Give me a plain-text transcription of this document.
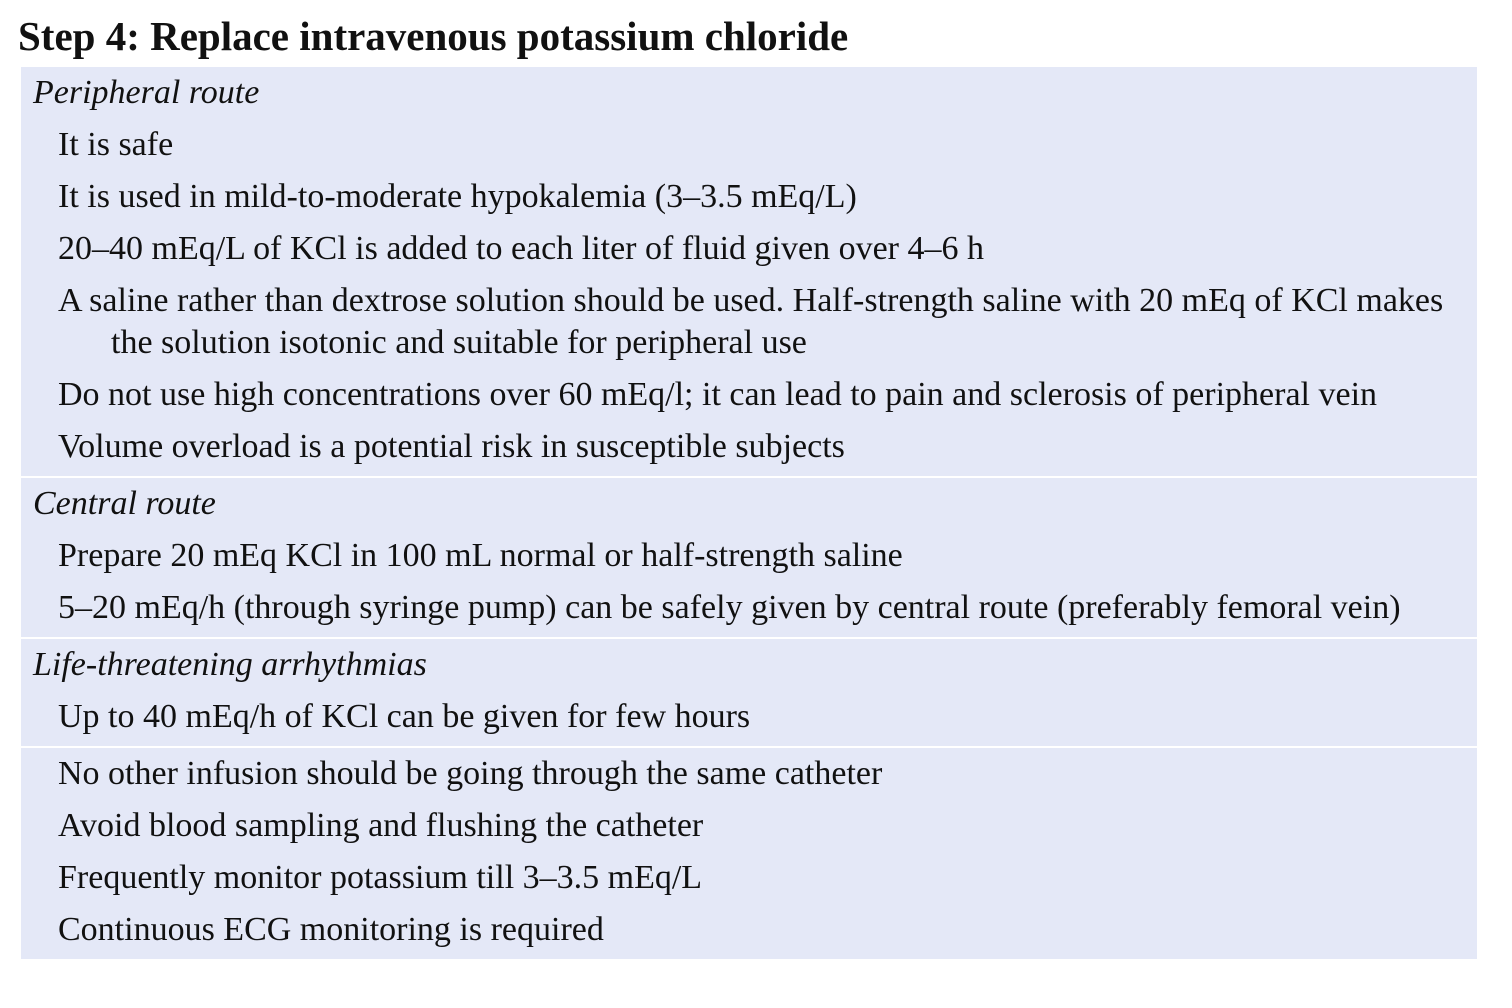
Step 4: Replace intravenous potassium chloride
Peripheral route
It is safe
It is used in mild-to-moderate hypokalemia (3–3.5 mEq/L)
20–40 mEq/L of KCl is added to each liter of fluid given over 4–6 h
A saline rather than dextrose solution should be used. Half-strength saline with 20 mEq of KCl makes the solution isotonic and suitable for peripheral use
Do not use high concentrations over 60 mEq/l; it can lead to pain and sclerosis of peripheral vein
Volume overload is a potential risk in susceptible subjects
Central route
Prepare 20 mEq KCl in 100 mL normal or half-strength saline
5–20 mEq/h (through syringe pump) can be safely given by central route (preferably femoral vein)
Life-threatening arrhythmias
Up to 40 mEq/h of KCl can be given for few hours
No other infusion should be going through the same catheter
Avoid blood sampling and flushing the catheter
Frequently monitor potassium till 3–3.5 mEq/L
Continuous ECG monitoring is required
